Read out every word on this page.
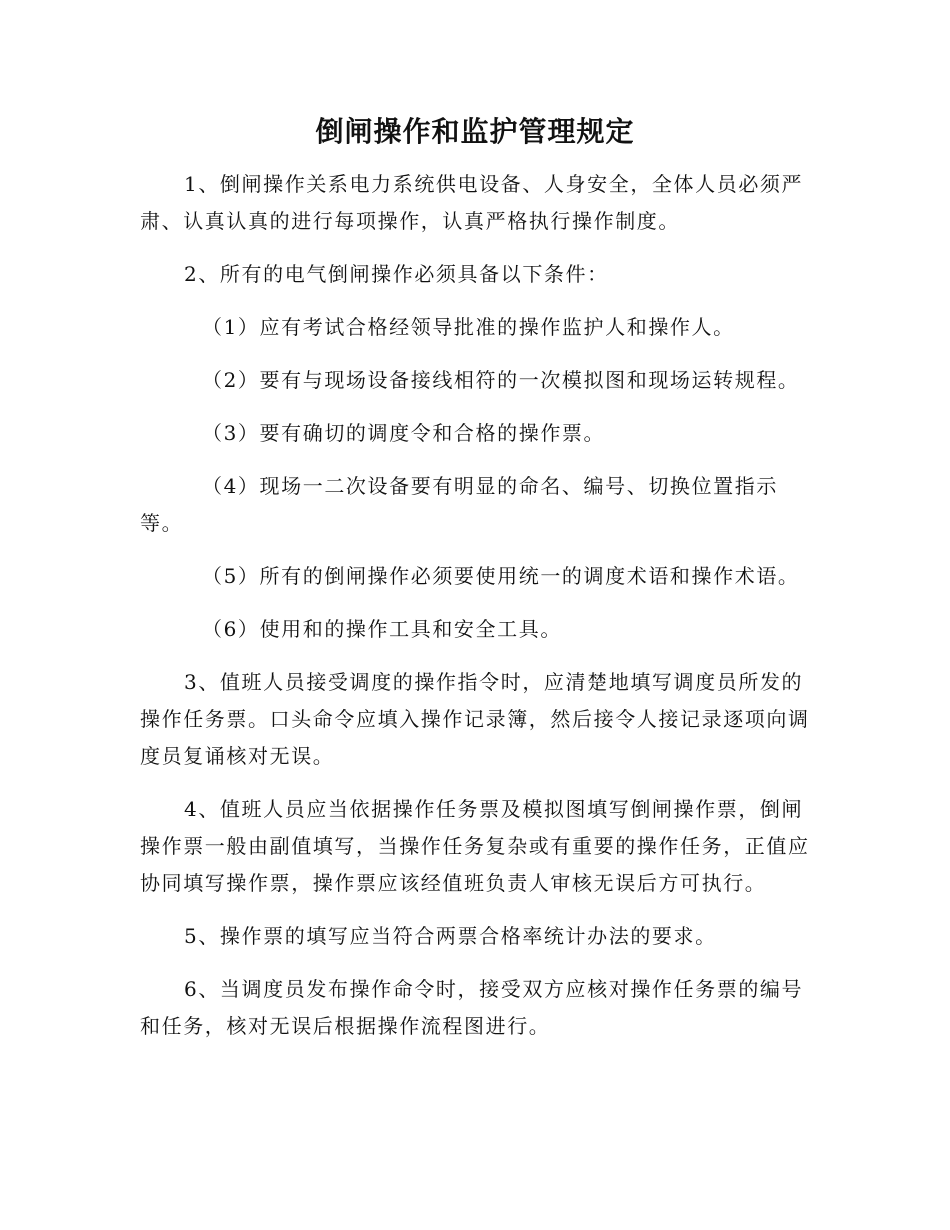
倒闸操作和监护管理规定

1、倒闸操作关系电力系统供电设备、人身安全，全体人员必须严肃、认真认真的进行每项操作，认真严格执行操作制度。

2、所有的电气倒闸操作必须具备以下条件：

（1）应有考试合格经领导批准的操作监护人和操作人。

（2）要有与现场设备接线相符的一次模拟图和现场运转规程。

（3）要有确切的调度令和合格的操作票。

（4）现场一二次设备要有明显的命名、编号、切换位置指示等。

（5）所有的倒闸操作必须要使用统一的调度术语和操作术语。

（6）使用和的操作工具和安全工具。

3、值班人员接受调度的操作指令时，应清楚地填写调度员所发的操作任务票。口头命令应填入操作记录簿，然后接令人接记录逐项向调度员复诵核对无误。

4、值班人员应当依据操作任务票及模拟图填写倒闸操作票，倒闸操作票一般由副值填写，当操作任务复杂或有重要的操作任务，正值应协同填写操作票，操作票应该经值班负责人审核无误后方可执行。

5、操作票的填写应当符合两票合格率统计办法的要求。

6、当调度员发布操作命令时，接受双方应核对操作任务票的编号和任务，核对无误后根据操作流程图进行。
